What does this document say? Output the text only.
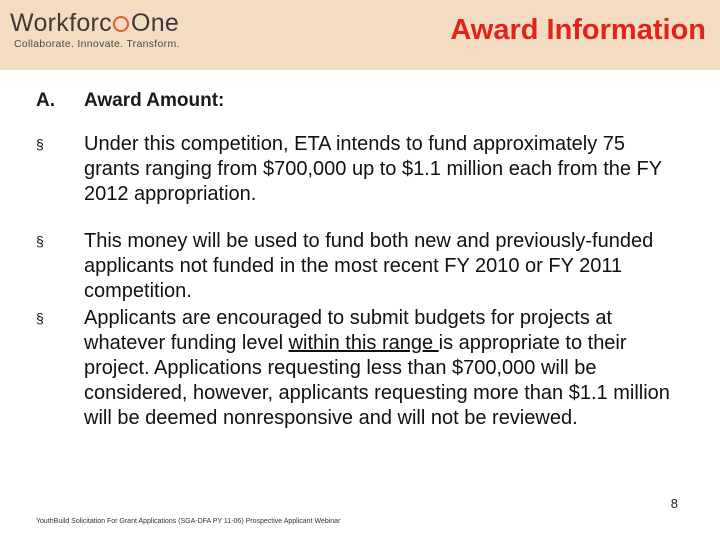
Workforc One
Collaborate. Innovate. Transform.	Award Information
A. Award Amount:
§ Under this competition, ETA intends to fund approximately 75 grants ranging from $700,000 up to $1.1 million each from the FY 2012 appropriation.
§ This money will be used to fund both new and previously-funded applicants not funded in the most recent FY 2010 or FY 2011 competition.
§ Applicants are encouraged to submit budgets for projects at whatever funding level within this range is appropriate to their project. Applications requesting less than $700,000 will be considered, however, applicants requesting more than $1.1 million will be deemed nonresponsive and will not be reviewed.
8
YouthBuild Solicitation For Grant Applications (SGA-DFA PY 11-06) Prospective Applicant Webinar
